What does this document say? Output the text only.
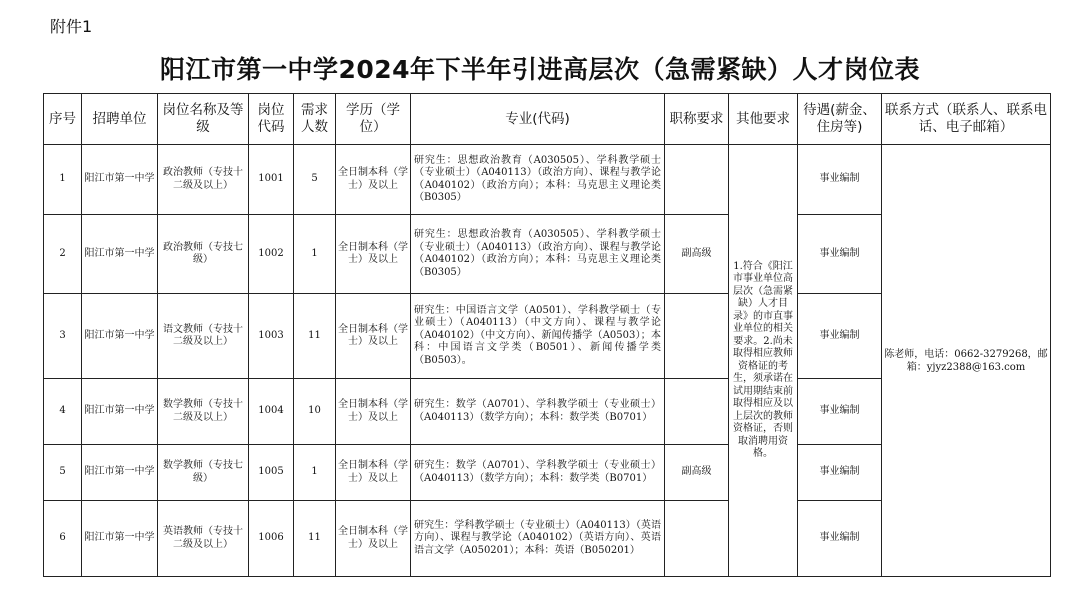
附件1
阳江市第一中学2024年下半年引进高层次（急需紧缺）人才岗位表
序号	招聘单位	岗位名称及等级	岗位代码	需求人数	学历（学位）	专业(代码)	职称要求	其他要求	待遇(薪金、住房等)	联系方式（联系人、联系电话、电子邮箱）
1	阳江市第一中学	政治教师（专技十二级及以上）	1001	5	全日制本科（学士）及以上	研究生：思想政治教育（A030505）、学科教学硕士（专业硕士）（A040113）（政治方向）、课程与教学论（A040102）（政治方向）；本科：马克思主义理论类（B0305）		1.符合《阳江市事业单位高层次（急需紧缺）人才目录》的市直事业单位的相关要求。2.尚未取得相应教师资格证的考生，须承诺在试用期结束前取得相应及以上层次的教师资格证，否则取消聘用资格。	事业编制	陈老师，电话：0662-3279268，邮箱：yjyz2388@163.com
2	阳江市第一中学	政治教师（专技七级）	1002	1	全日制本科（学士）及以上	研究生：思想政治教育（A030505）、学科教学硕士（专业硕士）（A040113）（政治方向）、课程与教学论（A040102）（政治方向）；本科：马克思主义理论类（B0305）	副高级		事业编制	
3	阳江市第一中学	语文教师（专技十二级及以上）	1003	11	全日制本科（学士）及以上	研究生：中国语言文学（A0501）、学科教学硕士（专业硕士）（A040113）（中文方向）、课程与教学论（A040102）（中文方向）、新闻传播学（A0503）；本科：中国语言文学类（B0501）、新闻传播学类（B0503）。			事业编制	
4	阳江市第一中学	数学教师（专技十二级及以上）	1004	10	全日制本科（学士）及以上	研究生：数学（A0701）、学科教学硕士（专业硕士）（A040113）（数学方向）；本科：数学类（B0701）			事业编制	
5	阳江市第一中学	数学教师（专技七级）	1005	1	全日制本科（学士）及以上	研究生：数学（A0701）、学科教学硕士（专业硕士）（A040113）（数学方向）；本科：数学类（B0701）	副高级		事业编制	
6	阳江市第一中学	英语教师（专技十二级及以上）	1006	11	全日制本科（学士）及以上	研究生：学科教学硕士（专业硕士）（A040113）（英语方向）、课程与教学论（A040102）（英语方向）、英语语言文学（A050201）；本科：英语（B050201）			事业编制	
